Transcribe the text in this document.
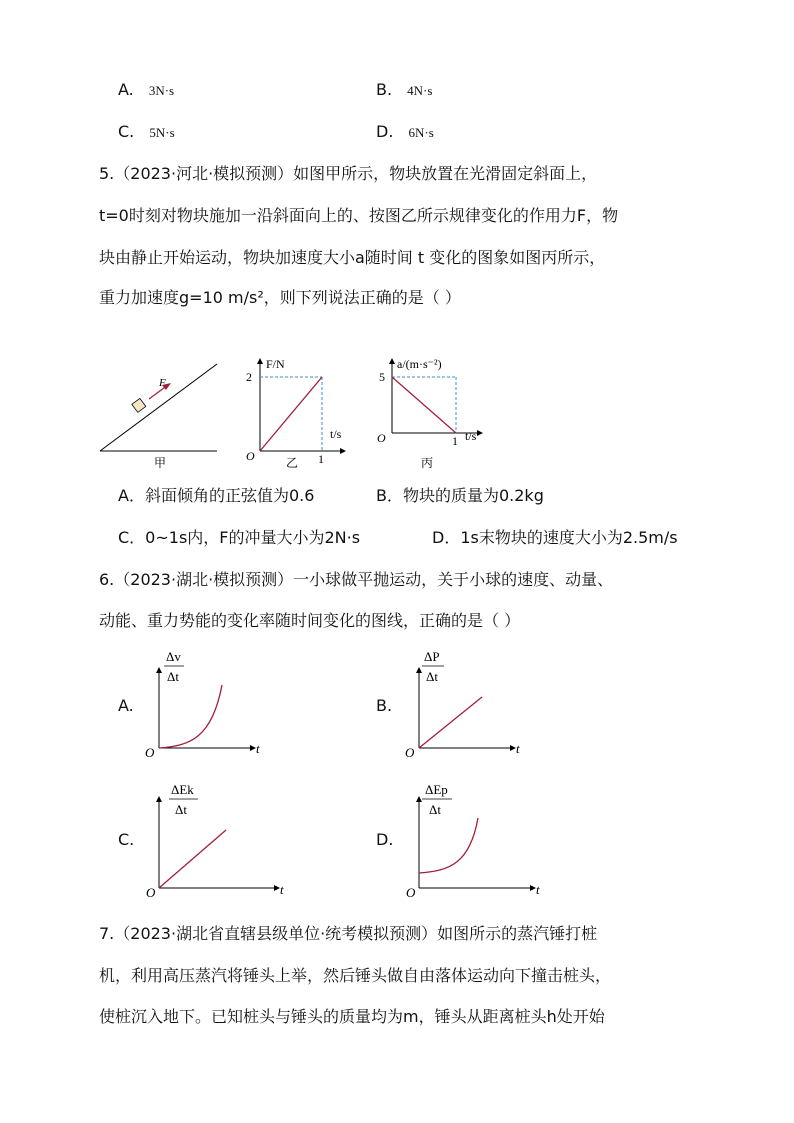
A. 3N·s	B. 4N·s
C. 5N·s	D. 6N·s
5.（2023·河北·模拟预测）如图甲所示，物块放置在光滑固定斜面上，
t=0时刻对物块施加一沿斜面向上的、按图乙所示规律变化的作用力F，物
块由静止开始运动，物块加速度大小a随时间 t 变化的图象如图丙所示，
重力加速度g=10 m/s²，则下列说法正确的是（ ）
F
甲
F/N
2
t/s
O	1
乙
a/(m·s⁻²)
5
t/s
O	1
丙
A．斜面倾角的正弦值为0.6	B．物块的质量为0.2kg
C．0~1s内，F的冲量大小为2N·s	D．1s末物块的速度大小为2.5m/s
6.（2023·湖北·模拟预测）一小球做平抛运动，关于小球的速度、动量、
动能、重力势能的变化率随时间变化的图线，正确的是（ ）
A.
Δv
Δt
O	t
B.
ΔP
Δt
O	t
C.
ΔEk
Δt
O	t
D.
ΔEp
Δt
O	t
7.（2023·湖北省直辖县级单位·统考模拟预测）如图所示的蒸汽锤打桩
机，利用高压蒸汽将锤头上举，然后锤头做自由落体运动向下撞击桩头，
使桩沉入地下。已知桩头与锤头的质量均为m，锤头从距离桩头h处开始
